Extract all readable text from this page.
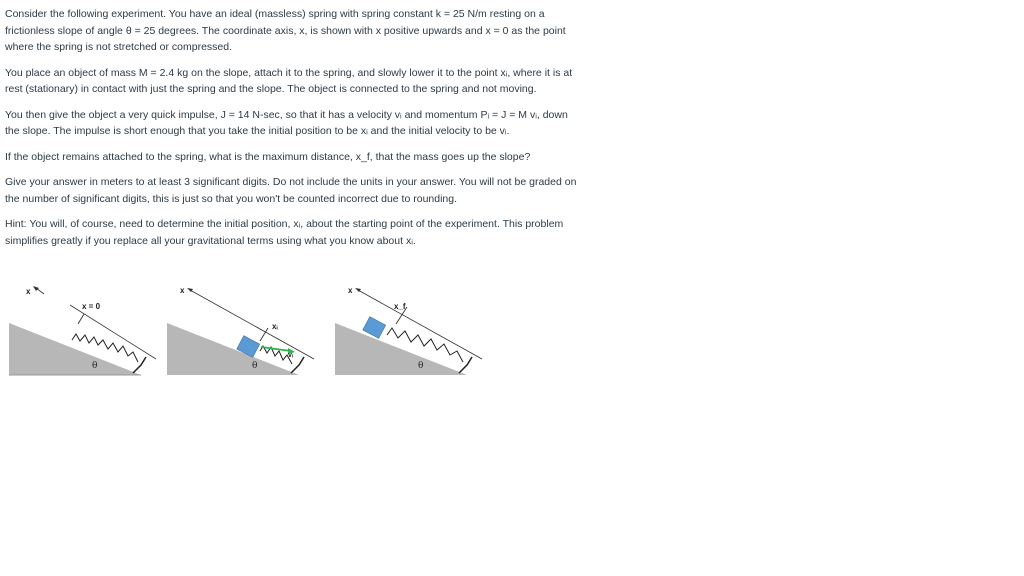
Consider the following experiment. You have an ideal (massless) spring with spring constant k = 25 N/m resting on a frictionless slope of angle θ = 25 degrees. The coordinate axis, x, is shown with x positive upwards and x = 0 as the point where the spring is not stretched or compressed.

You place an object of mass M = 2.4 kg on the slope, attach it to the spring, and slowly lower it to the point xᵢ, where it is at rest (stationary) in contact with just the spring and the slope. The object is connected to the spring and not moving.

You then give the object a very quick impulse, J = 14 N-sec, so that it has a velocity vᵢ and momentum Pᵢ = J = M vᵢ, down the slope. The impulse is short enough that you take the initial position to be xᵢ and the initial velocity to be vᵢ.

If the object remains attached to the spring, what is the maximum distance, x_f, that the mass goes up the slope?

Give your answer in meters to at least 3 significant digits. Do not include the units in your answer. You will not be graded on the number of significant digits, this is just so that you won't be counted incorrect due to rounding.

Hint: You will, of course, need to determine the initial position, xᵢ, about the starting point of the experiment. This problem simplifies greatly if you replace all your gravitational terms using what you know about xᵢ.

x
x = 0
θ
x
xᵢ
vᵢ
θ
x
x_f
θ
